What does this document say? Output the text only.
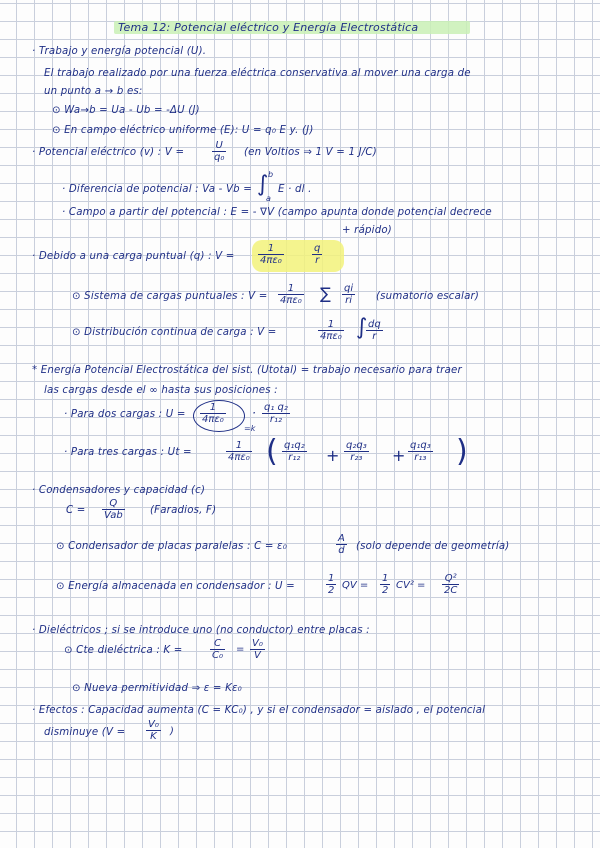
Tema 12: Potencial eléctrico y Energía Electrostática
· Trabajo y energía potencial (U).
El trabajo realizado por una fuerza eléctrica conservativa al mover una carga de
un punto a → b es:
⊙ Wa→b = Ua - Ub = -ΔU (J)
⊙ En campo eléctrico uniforme (E): U = q₀ E y. (J)
· Potencial eléctrico (v) : V =	$\frac{U}{\text{q₀}} (en$ Voltios ⇒ 1 V = 1 J/C)
· Diferencia de potencial : Va - Vb = ∫ b
a
E · dl .
· Campo a partir del potencial : E = - ∇V (campo apunta donde potencial decrece
+ rápido)
· Debido a una carga puntual (q) : $V = \frac{1}{\text{4πε₀}}$	$\frac{q}{r}$
⊙ Sistema de cargas puntuales : $V = \frac{1}{\text{4πε₀}}$ ∑ $\frac{qi}{ri}$ (sumatorio escalar)
⊙ Distribución continua de carga : V =	$\frac{1}{\text{4πε₀}}$ ∫
$\frac{dq}{r}$
* Energía Potencial Electrostática del sist. (Utotal) = trabajo necesario para traer
las cargas desde el ∞ hasta sus posiciones :
· Para dos cargas : $U = \frac{1}{\text{4πε₀}}$
=k
· $\frac{\text{q₁ q₂}}{\text{r₁₂}}$
· Para tres cargas : Ut =	$\frac{1}{\text{4πε₀}}$ ( $\frac{\text{q₁q₂}}{\text{r₁₂}} + \frac{\text{q₂q₃}}{\text{r₂₃}} + \frac{\text{q₁q₃}}{\text{r₁₃}}$ )
· Condensadores y capacidad (c)
C =
Q
Vab	(Faradios, F)
⊙ Condensador de placas paralelas : C = ε₀	$\frac{A}{d}$ (solo depende de geometría)
⊙ Energía almacenada en condensador : U =	$\frac{1}{2}$ QV = $\frac{1}{2} CV^2 = \frac{\text{Q²}}{2C}$
· Dieléctricos ; si se introduce uno (no conductor) entre placas :
⊙ Cte dieléctrica : K =	$\frac{C}{\text{C₀}} = \frac{\text{V₀}}{V}$
⊙ Nueva permitividad ⇒ ε = Kε₀
· Efectos : Capacidad aumenta (C = KC₀) , y si el condensador = aislado , el potencial
disminuye ($V = \frac{\text{V₀}}{K}$ )
